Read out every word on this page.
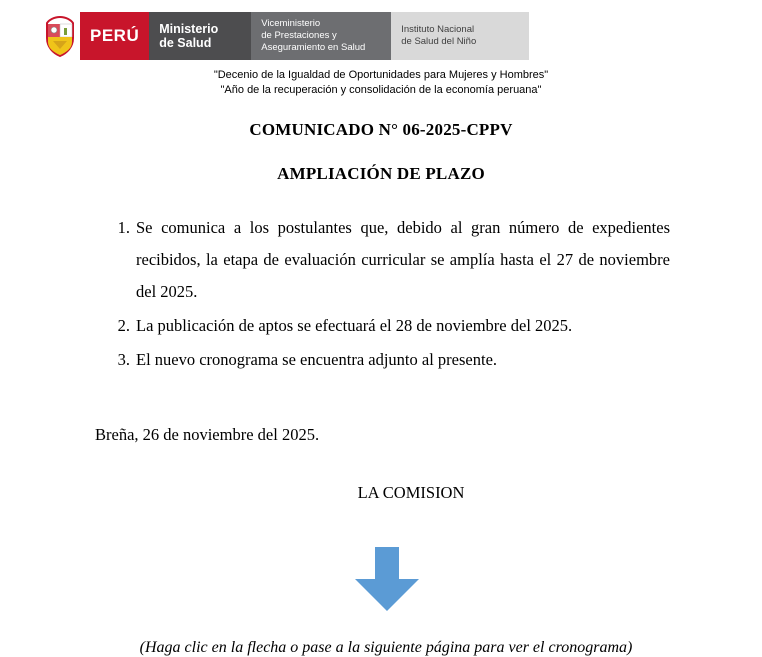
PERÚ	Ministerio
de Salud
Viceministerio
de Prestaciones y
Aseguramiento en Salud
Instituto Nacional
de Salud del Niño
"Decenio de la Igualdad de Oportunidades para Mujeres y Hombres"
"Año de la recuperación y consolidación de la economía peruana"
COMUNICADO N° 06-2025-CPPV
AMPLIACIÓN DE PLAZO
Se comunica a los postulantes que, debido al gran número de expedientes recibidos, la etapa de evaluación curricular se amplía hasta el 27 de noviembre del 2025.
La publicación de aptos se efectuará el 28 de noviembre del 2025.
El nuevo cronograma se encuentra adjunto al presente.
Breña, 26 de noviembre del 2025.
LA COMISION
(Haga clic en la flecha o pase a la siguiente página para ver el cronograma)
